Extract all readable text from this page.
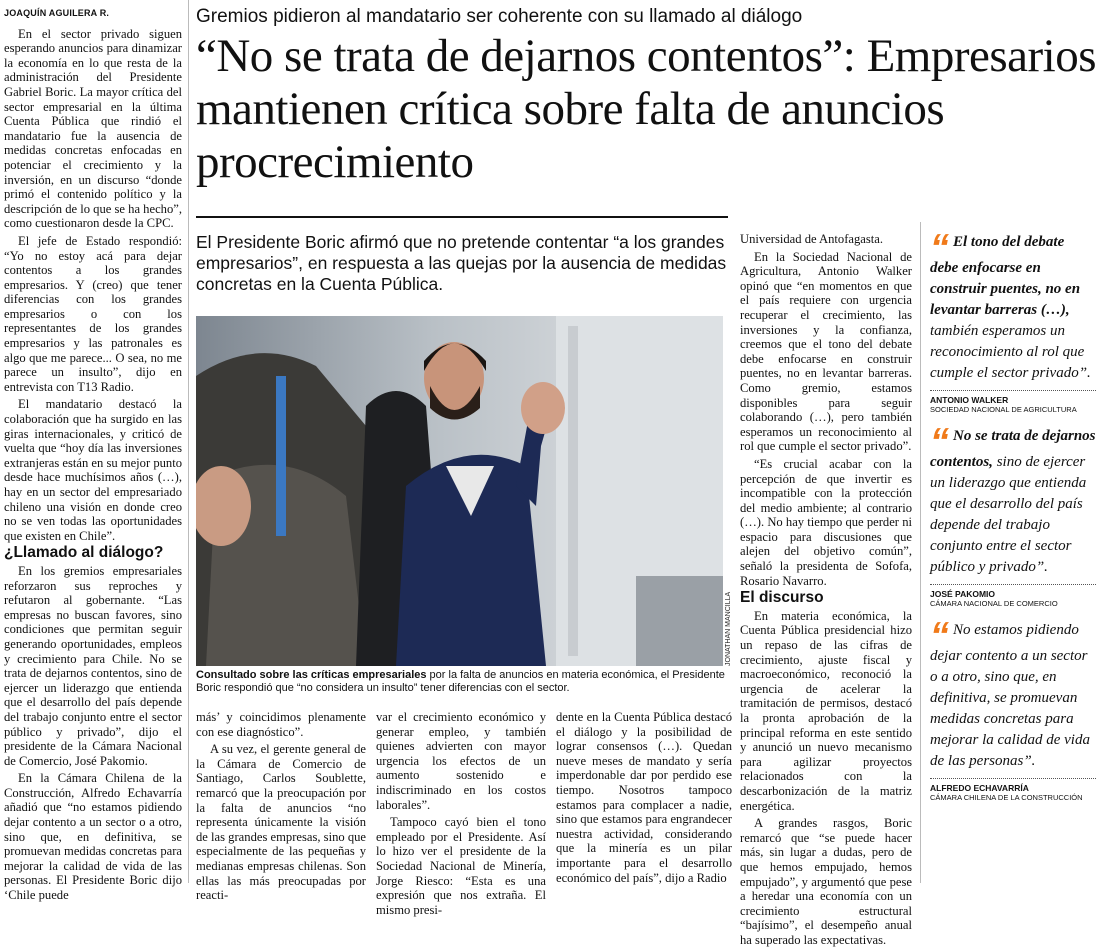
JOAQUÍN AGUILERA R.

En el sector privado siguen esperando anuncios para dinamizar la economía en lo que resta de la administración del Presidente Gabriel Boric. La mayor crítica del sector empresarial en la última Cuenta Pública que rindió el mandatario fue la ausencia de medidas concretas enfocadas en potenciar el crecimiento y la inversión, en un discurso “donde primó el contenido político y la descripción de lo que se ha hecho”, como cuestionaron desde la CPC.

El jefe de Estado respondió: “Yo no estoy acá para dejar contentos a los grandes empresarios. Y (creo) que tener diferencias con los grandes empresarios o con los representantes de los grandes empresarios y las patronales es algo que me parece... O sea, no me parece un insulto”, dijo en entrevista con T13 Radio.

El mandatario destacó la colaboración que ha surgido en las giras internacionales, y criticó de vuelta que “hoy día las inversiones extranjeras están en su mejor punto desde hace muchísimos años (…), hay en un sector del empresariado chileno una visión en donde creo no se ven todas las oportunidades que existen en Chile”.

¿Llamado al diálogo?

En los gremios empresariales reforzaron sus reproches y refutaron al gobernante. “Las empresas no buscan favores, sino condiciones que permitan seguir generando oportunidades, empleos y crecimiento para Chile. No se trata de dejarnos contentos, sino de ejercer un liderazgo que entienda que el desarrollo del país depende del trabajo conjunto entre el sector público y privado”, dijo el presidente de la Cámara Nacional de Comercio, José Pakomio.

En la Cámara Chilena de la Construcción, Alfredo Echavarría añadió que “no estamos pidiendo dejar contento a un sector o a otro, sino que, en definitiva, se promuevan medidas concretas para mejorar la calidad de vida de las personas. El Presidente Boric dijo ‘Chile puede

Gremios pidieron al mandatario ser coherente con su llamado al diálogo
“No se trata de dejarnos contentos”: Empresarios mantienen crítica sobre falta de anuncios procrecimiento
El Presidente Boric afirmó que no pretende contentar “a los grandes empresarios”, en respuesta a las quejas por la ausencia de medidas concretas en la Cuenta Pública.
JONATHAN MANCILLA
Consultado sobre las críticas empresariales por la falta de anuncios en materia económica, el Presidente Boric respondió que “no considera un insulto” tener diferencias con el sector.

más’ y coincidimos plenamente con ese diagnóstico”.

A su vez, el gerente general de la Cámara de Comercio de Santiago, Carlos Soublette, remarcó que la preocupación por la falta de anuncios “no representa únicamente la visión de las grandes empresas, sino que especialmente de las pequeñas y medianas empresas chilenas. Son ellas las más preocupadas por reacti-

var el crecimiento económico y generar empleo, y también quienes advierten con mayor urgencia los efectos de un aumento sostenido e indiscriminado en los costos laborales”.

Tampoco cayó bien el tono empleado por el Presidente. Así lo hizo ver el presidente de la Sociedad Nacional de Minería, Jorge Riesco: “Esta es una expresión que nos extraña. El mismo presi-

dente en la Cuenta Pública destacó el diálogo y la posibilidad de lograr consensos (…). Quedan nueve meses de mandato y sería imperdonable dar por perdido ese tiempo. Nosotros tampoco estamos para complacer a nadie, sino que estamos para engrandecer nuestra actividad, considerando que la minería es un pilar importante para el desarrollo económico del país”, dijo a Radio

Universidad de Antofagasta.

En la Sociedad Nacional de Agricultura, Antonio Walker opinó que “en momentos en que el país requiere con urgencia recuperar el crecimiento, las inversiones y la confianza, creemos que el tono del debate debe enfocarse en construir puentes, no en levantar barreras. Como gremio, estamos disponibles para seguir colaborando (…), pero también esperamos un reconocimiento al rol que cumple el sector privado”.

“Es crucial acabar con la percepción de que invertir es incompatible con la protección del medio ambiente; al contrario (…). No hay tiempo que perder ni espacio para discusiones que alejen del objetivo común”, señaló la presidenta de Sofofa, Rosario Navarro.

El discurso

En materia económica, la Cuenta Pública presidencial hizo un repaso de las cifras de crecimiento, ajuste fiscal y macroeconómico, reconoció la urgencia de acelerar la tramitación de permisos, destacó la pronta aprobación de la principal reforma en este sentido y anunció un nuevo mecanismo para agilizar proyectos relacionados con la descarbonización de la matriz energética.

A grandes rasgos, Boric remarcó que “se puede hacer más, sin lugar a dudas, pero de que hemos empujado, hemos empujado”, y argumentó que pese a heredar una economía con un crecimiento estructural “bajísimo”, el desempeño anual ha superado las expectativas.

“ El tono del debate debe enfocarse en construir puentes, no en levantar barreras (…), también esperamos un reconocimiento al rol que cumple el sector privado”.
ANTONIO WALKER
SOCIEDAD NACIONAL DE AGRICULTURA
“ No se trata de dejarnos contentos, sino de ejercer un liderazgo que entienda que el desarrollo del país depende del trabajo conjunto entre el sector público y privado”.
JOSÉ PAKOMIO
CÁMARA NACIONAL DE COMERCIO
“ No estamos pidiendo dejar contento a un sector o a otro, sino que, en definitiva, se promuevan medidas concretas para mejorar la calidad de vida de las personas”.
ALFREDO ECHAVARRÍA
CÁMARA CHILENA DE LA CONSTRUCCIÓN
